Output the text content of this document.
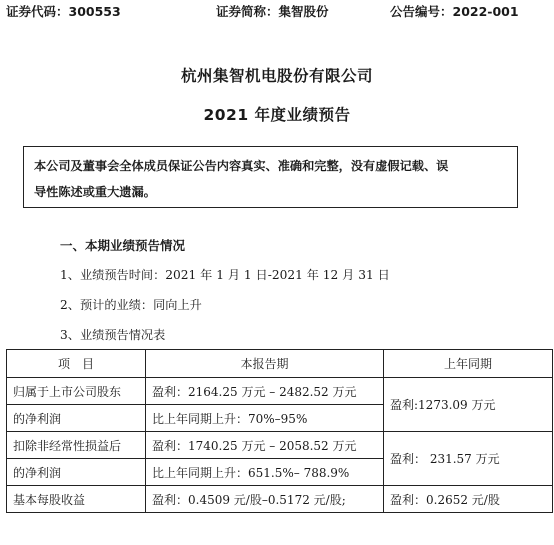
证券代码：300553	证券简称：集智股份	公告编号：2022-001
杭州集智机电股份有限公司
2021 年度业绩预告
本公司及董事会全体成员保证公告内容真实、准确和完整，没有虚假记载、误
导性陈述或重大遗漏。
一、本期业绩预告情况
1、业绩预告时间：2021 年 1 月 1 日-2021 年 12 月 31 日
2、预计的业绩：同向上升
3、业绩预告情况表
项　目	本报告期	上年同期
归属于上市公司股东	盈利：2164.25 万元 – 2482.52 万元	盈利:1273.09 万元
的净利润	比上年同期上升：70%–95%	
扣除非经常性损益后	盈利：1740.25 万元 – 2058.52 万元	盈利： 231.57 万元
的净利润	比上年同期上升：651.5%– 788.9%	
基本每股收益	盈利：0.4509 元/股–0.5172 元/股;	盈利：0.2652 元/股
